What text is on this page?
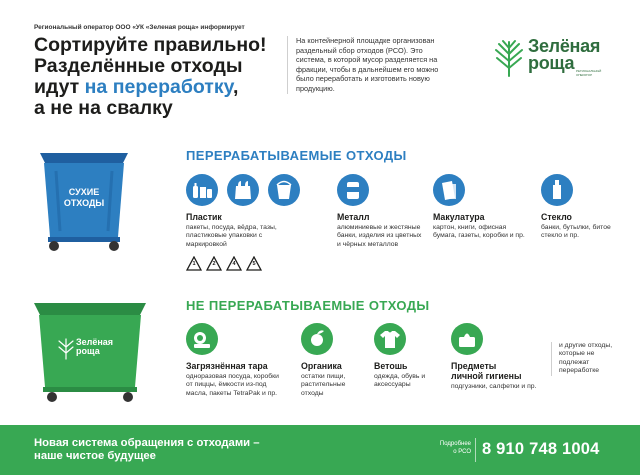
Региональный оператор ООО «УК «Зеленая роща» информирует
Сортируйте правильно!
Разделённые отходы
идут на переработку,
а не на свалку
На контейнерной площадке организован раздельный сбор отходов (РСО). Это система, в которой мусор разделяется на фракции, чтобы в дальнейшем его можно было переработать и изготовить новую продукцию.
Зелёная
роща РЕГИОНАЛЬНЫЙ ОПЕРАТОР
ПЕРЕРАБАТЫВАЕМЫЕ ОТХОДЫ
СУХИЕ
ОТХОДЫ
Пластик
пакеты, посуда, вёдра, тазы, пластиковые упаковки с маркировкой
1	2	4	5
Металл
алюминиевые и жестяные банки, изделия из цветных и чёрных металлов
Макулатура
картон, книги, офисная бумага, газеты, коробки и пр.
Стекло
банки, бутылки, битое стекло и пр.
НЕ ПЕРЕРАБАТЫВАЕМЫЕ ОТХОДЫ
Зелёная
роща
Загрязнённая тара
одноразовая посуда, коробки от пиццы, ёмкости из-под масла, пакеты TetraPak и пр.
Органика
остатки пищи, растительные отходы
Ветошь
одежда, обувь и аксессуары
Предметы
личной гигиены
подгузники, салфетки и пр.
и другие отходы, которые не подлежат переработке
Новая система обращения с отходами –
наше чистое будущее
Подробнее
о РСО 8 910 748 1004
